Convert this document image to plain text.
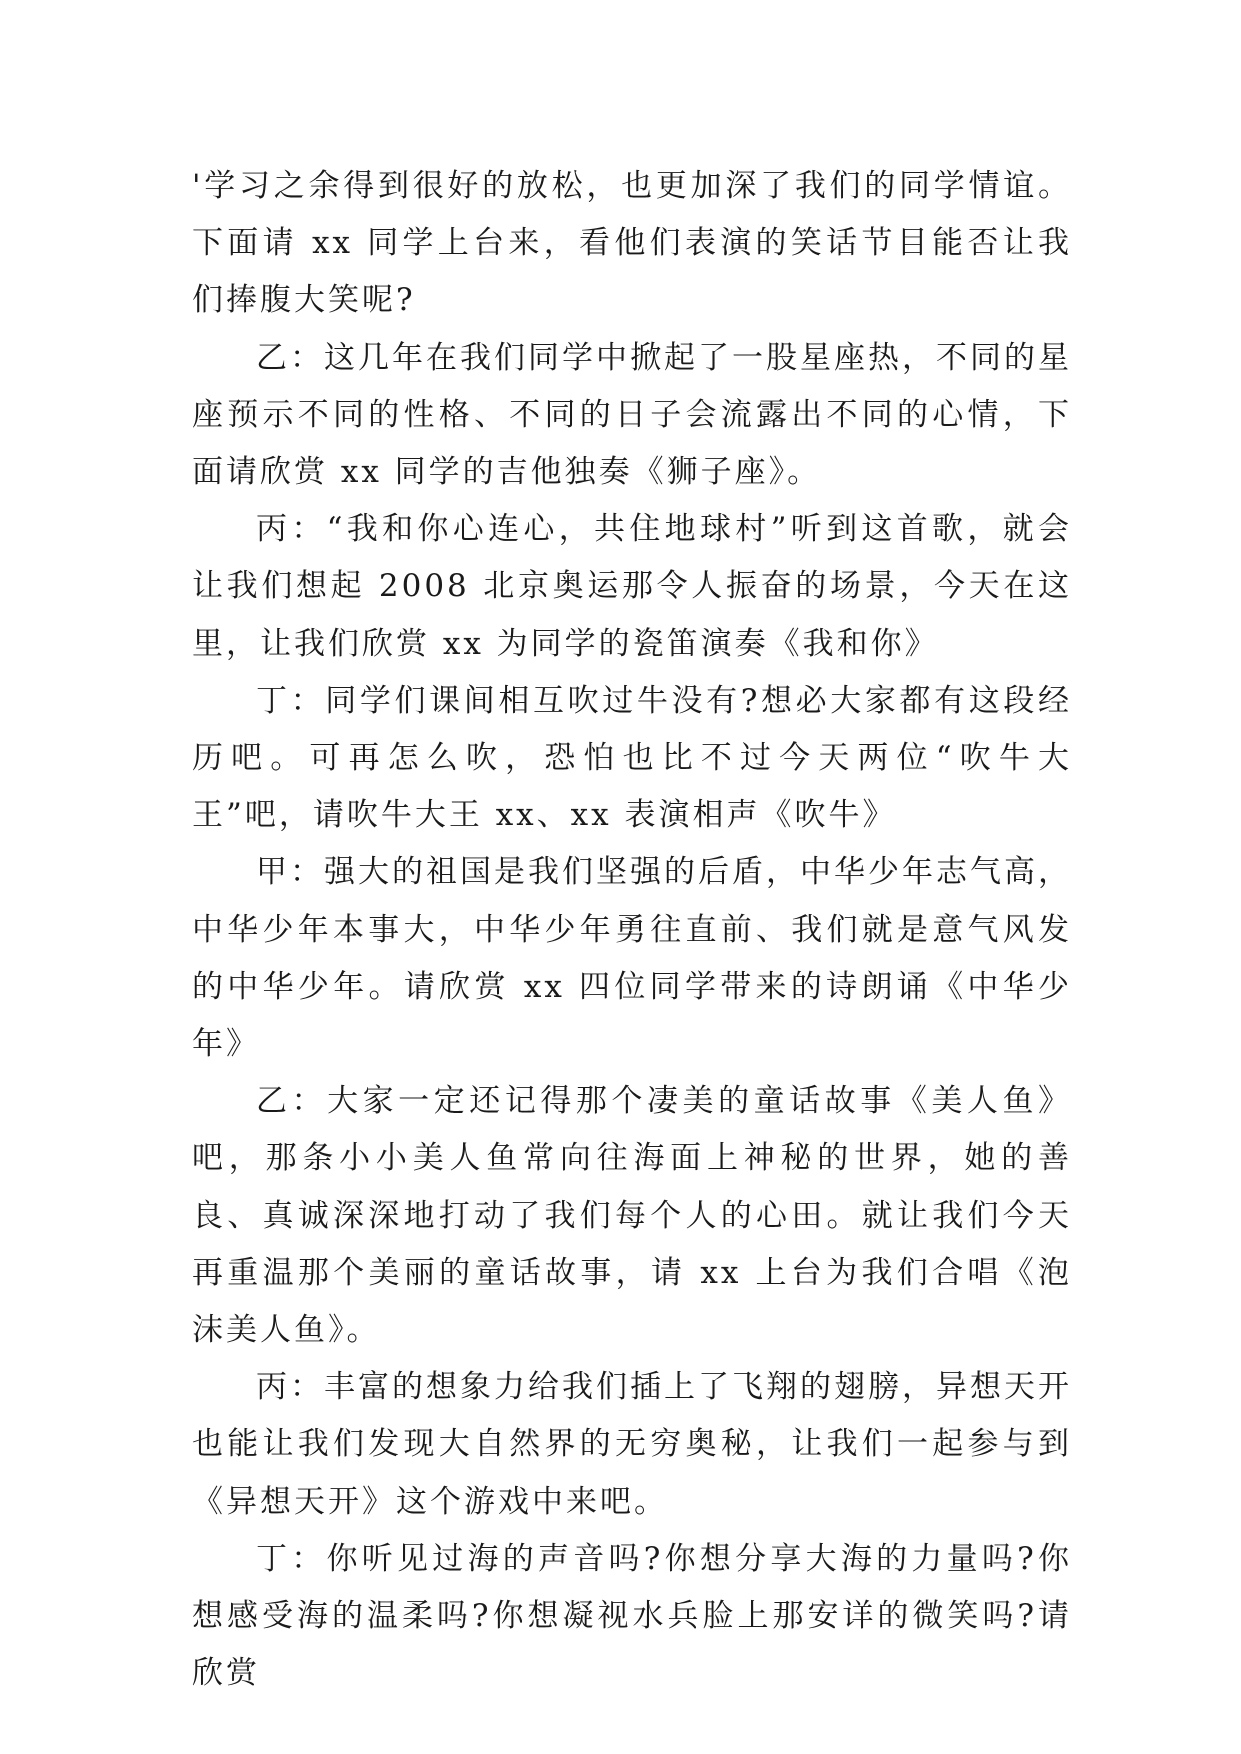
'学习之余得到很好的放松，也更加深了我们的同学情谊。下面请 xx 同学上台来，看他们表演的笑话节目能否让我们捧腹大笑呢?

乙：这几年在我们同学中掀起了一股星座热，不同的星座预示不同的性格、不同的日子会流露出不同的心情，下面请欣赏 xx 同学的吉他独奏《狮子座》。

丙：“我和你心连心，共住地球村”听到这首歌，就会让我们想起 2008 北京奥运那令人振奋的场景，今天在这里，让我们欣赏 xx 为同学的瓷笛演奏《我和你》

丁：同学们课间相互吹过牛没有?想必大家都有这段经历吧。可再怎么吹，恐怕也比不过今天两位“吹牛大王”吧，请吹牛大王 xx、xx 表演相声《吹牛》

甲：强大的祖国是我们坚强的后盾，中华少年志气高，中华少年本事大，中华少年勇往直前、我们就是意气风发的中华少年。请欣赏 xx 四位同学带来的诗朗诵《中华少年》

乙：大家一定还记得那个凄美的童话故事《美人鱼》吧，那条小小美人鱼常向往海面上神秘的世界，她的善良、真诚深深地打动了我们每个人的心田。就让我们今天再重温那个美丽的童话故事，请 xx 上台为我们合唱《泡沫美人鱼》。

丙：丰富的想象力给我们插上了飞翔的翅膀，异想天开也能让我们发现大自然界的无穷奥秘，让我们一起参与到《异想天开》这个游戏中来吧。

丁：你听见过海的声音吗?你想分享大海的力量吗?你想感受海的温柔吗?你想凝视水兵脸上那安详的微笑吗?请欣赏
